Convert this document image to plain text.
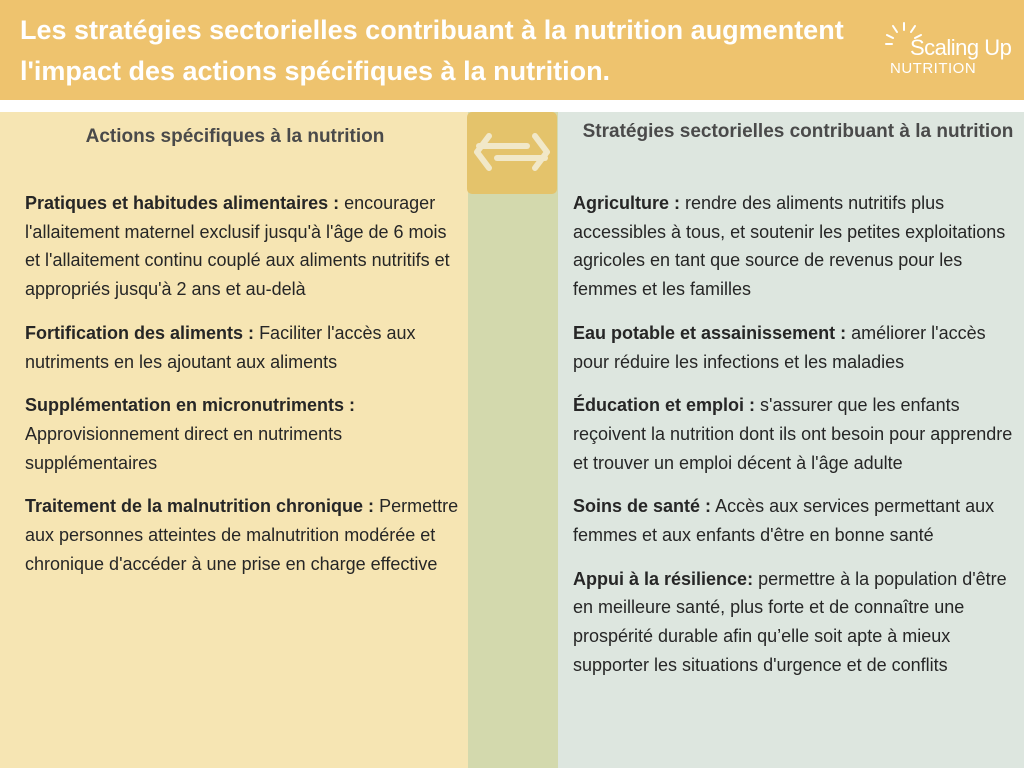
Les stratégies sectorielles contribuant à la nutrition augmentent l'impact des actions spécifiques à la nutrition.
Scaling Up
NUTRITION
Actions spécifiques à la nutrition	Stratégies sectorielles contribuant à la nutrition
Pratiques et habitudes alimentaires : encourager l'allaitement maternel exclusif jusqu'à l'âge de 6 mois et l'allaitement continu couplé aux aliments nutritifs et appropriés jusqu'à 2 ans et au-delà
Fortification des aliments : Faciliter l'accès aux nutriments en les ajoutant aux aliments
Supplémentation en micronutriments : Approvisionnement direct en nutriments supplémentaires
Traitement de la malnutrition chronique : Permettre aux personnes atteintes de malnutrition modérée et chronique d'accéder à une prise en charge effective
Agriculture : rendre des aliments nutritifs plus accessibles à tous, et soutenir les petites exploitations agricoles en tant que source de revenus pour les femmes et les familles
Eau potable et assainissement : améliorer l'accès pour réduire les infections et les maladies
Éducation et emploi : s'assurer que les enfants reçoivent la nutrition dont ils ont besoin pour apprendre et trouver un emploi décent à l'âge adulte
Soins de santé : Accès aux services permettant aux femmes et aux enfants d'être en bonne santé
Appui à la résilience: permettre à la population d'être en meilleure santé, plus forte et de connaître une prospérité durable afin qu’elle soit apte à mieux supporter les situations d'urgence et de conflits
